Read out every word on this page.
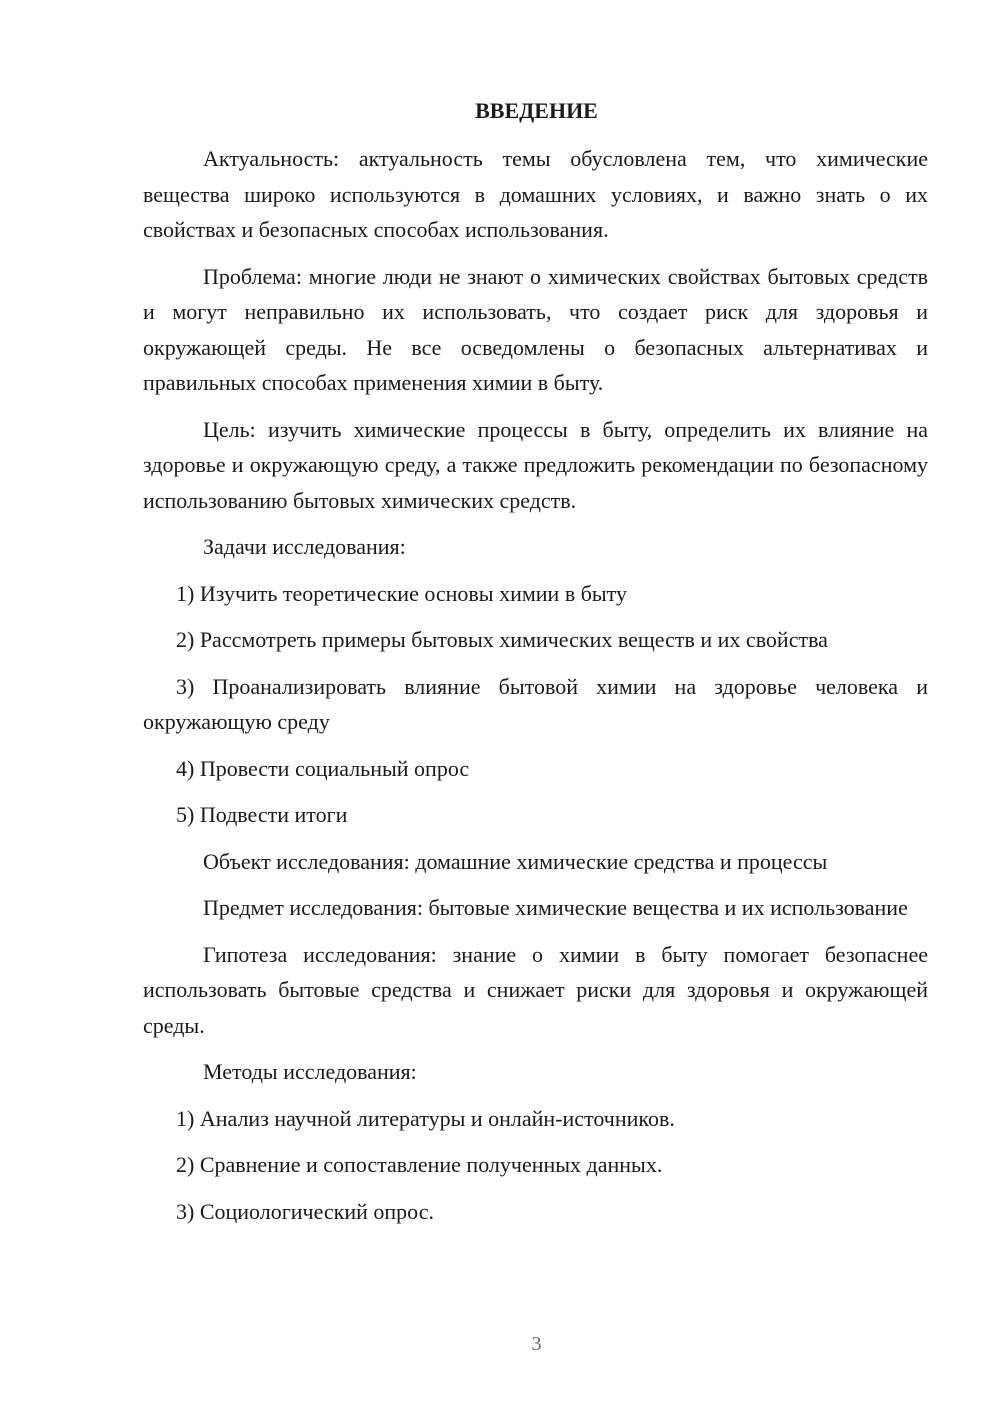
ВВЕДЕНИЕ

Актуальность: актуальность темы обусловлена тем, что химические вещества широко используются в домашних условиях, и важно знать о их свойствах и безопасных способах использования.

Проблема: многие люди не знают о химических свойствах бытовых средств и могут неправильно их использовать, что создает риск для здоровья и окружающей среды. Не все осведомлены о безопасных альтернативах и правильных способах применения химии в быту.

Цель: изучить химические процессы в быту, определить их влияние на здоровье и окружающую среду, а также предложить рекомендации по безопасному использованию бытовых химических средств.

Задачи исследования:

1) Изучить теоретические основы химии в быту

2) Рассмотреть примеры бытовых химических веществ и их свойства

3) Проанализировать влияние бытовой химии на здоровье человека и окружающую среду

4) Провести социальный опрос

5) Подвести итоги

Объект исследования: домашние химические средства и процессы

Предмет исследования: бытовые химические вещества и их использование

Гипотеза исследования: знание о химии в быту помогает безопаснее использовать бытовые средства и снижает риски для здоровья и окружающей среды.

Методы исследования:

1) Анализ научной литературы и онлайн-источников.

2) Сравнение и сопоставление полученных данных.

3) Социологический опрос.

3
